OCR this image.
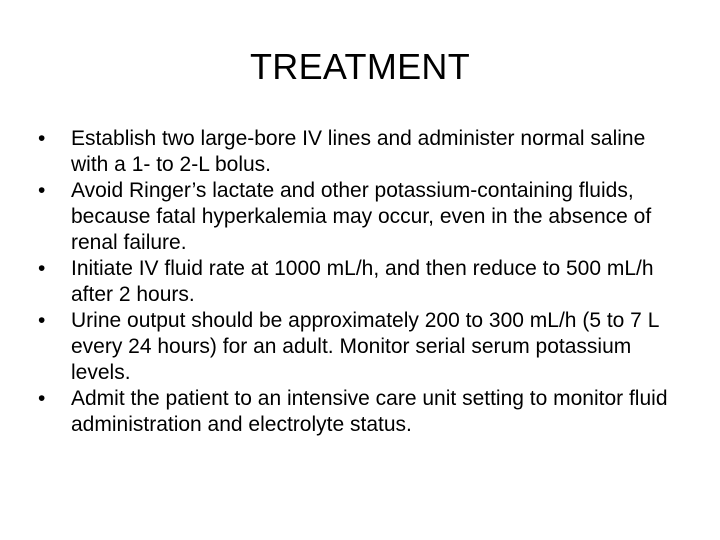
TREATMENT
•	Establish two large-bore IV lines and administer normal saline with a 1- to 2-L bolus.
•	Avoid Ringer’s lactate and other potassium-containing fluids, because fatal hyperkalemia may occur, even in the absence of renal failure.
•	Initiate IV fluid rate at 1000 mL/h, and then reduce to 500 mL/h after 2 hours.
•	Urine output should be approximately 200 to 300 mL/h (5 to 7 L every 24 hours) for an adult. Monitor serial serum potassium levels.
•	Admit the patient to an intensive care unit setting to monitor fluid administration and electrolyte status.
